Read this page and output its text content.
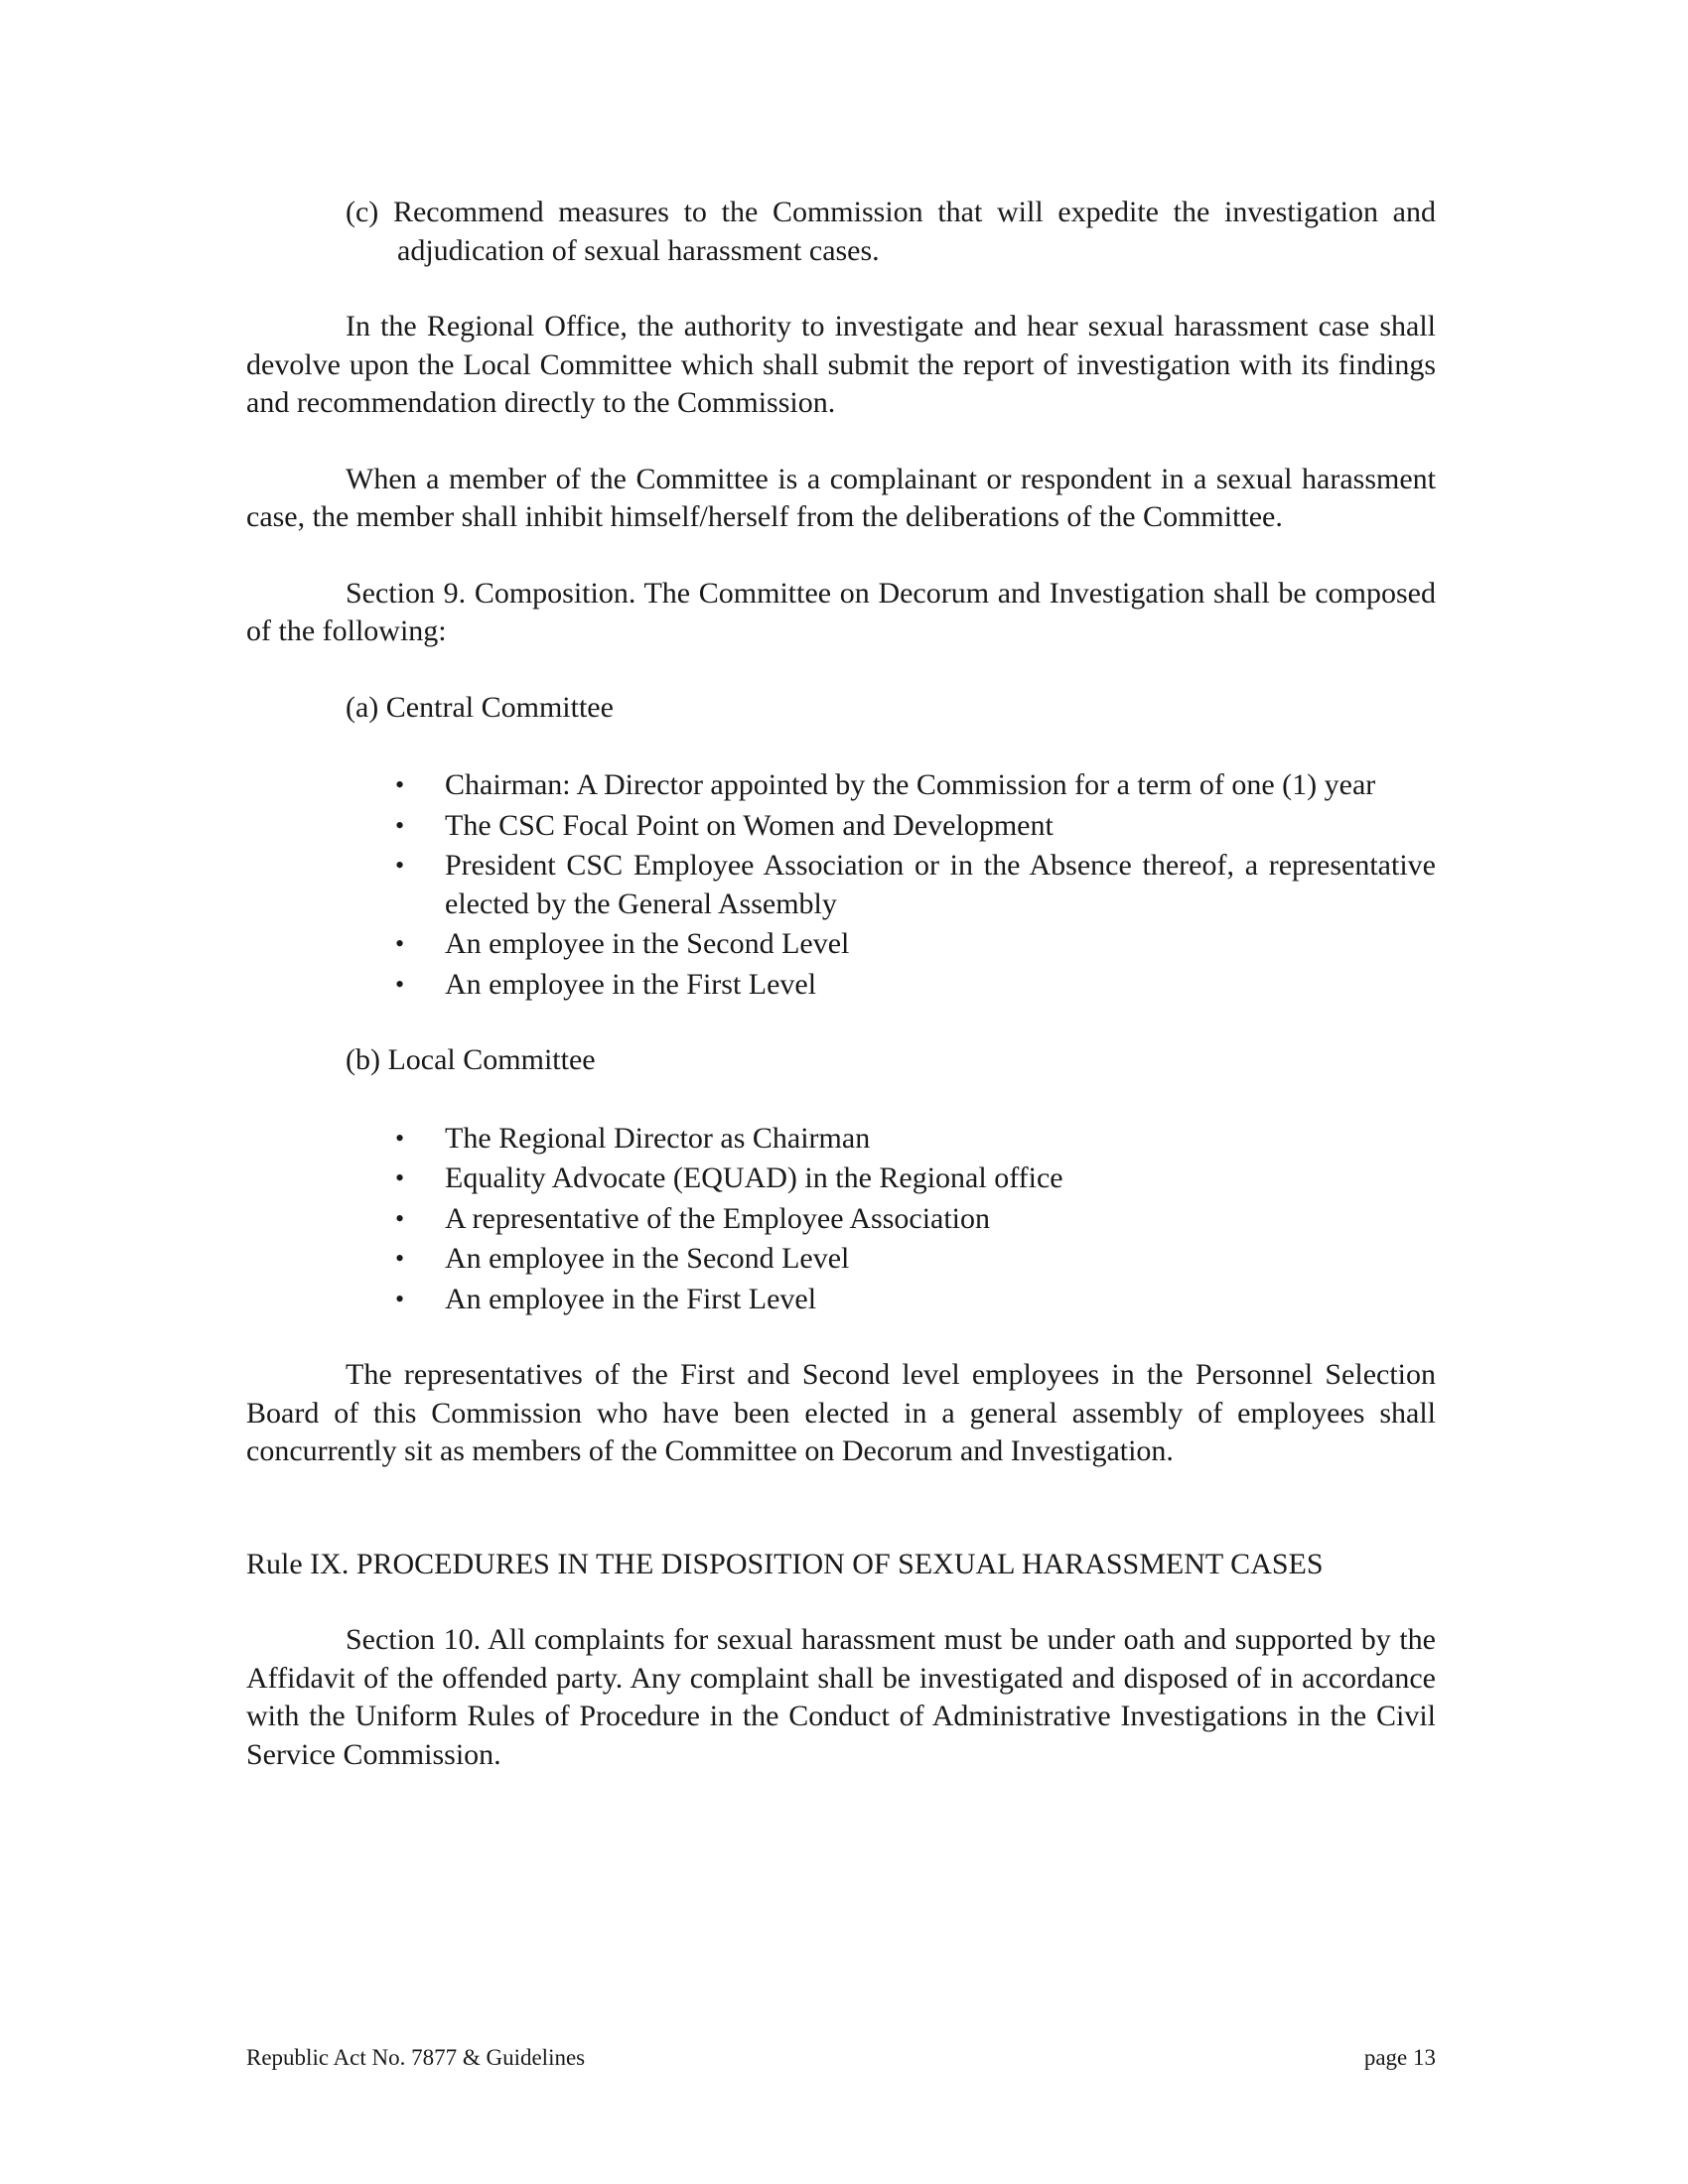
(c) Recommend measures to the Commission that will expedite the investigation and adjudication of sexual harassment cases.
In the Regional Office, the authority to investigate and hear sexual harassment case shall devolve upon the Local Committee which shall submit the report of investigation with its findings and recommendation directly to the Commission.
When a member of the Committee is a complainant or respondent in a sexual harassment case, the member shall inhibit himself/herself from the deliberations of the Committee.
Section 9. Composition. The Committee on Decorum and Investigation shall be composed of the following:
(a) Central Committee
• Chairman: A Director appointed by the Commission for a term of one (1) year
• The CSC Focal Point on Women and Development
• President CSC Employee Association or in the Absence thereof, a representative elected by the General Assembly
• An employee in the Second Level
• An employee in the First Level
(b) Local Committee
• The Regional Director as Chairman
• Equality Advocate (EQUAD) in the Regional office
• A representative of the Employee Association
• An employee in the Second Level
• An employee in the First Level
The representatives of the First and Second level employees in the Personnel Selection Board of this Commission who have been elected in a general assembly of employees shall concurrently sit as members of the Committee on Decorum and Investigation.
Rule IX. PROCEDURES IN THE DISPOSITION OF SEXUAL HARASSMENT CASES
Section 10. All complaints for sexual harassment must be under oath and supported by the Affidavit of the offended party. Any complaint shall be investigated and disposed of in accordance with the Uniform Rules of Procedure in the Conduct of Administrative Investigations in the Civil Service Commission.
Republic Act No. 7877 & Guidelines	page 13
